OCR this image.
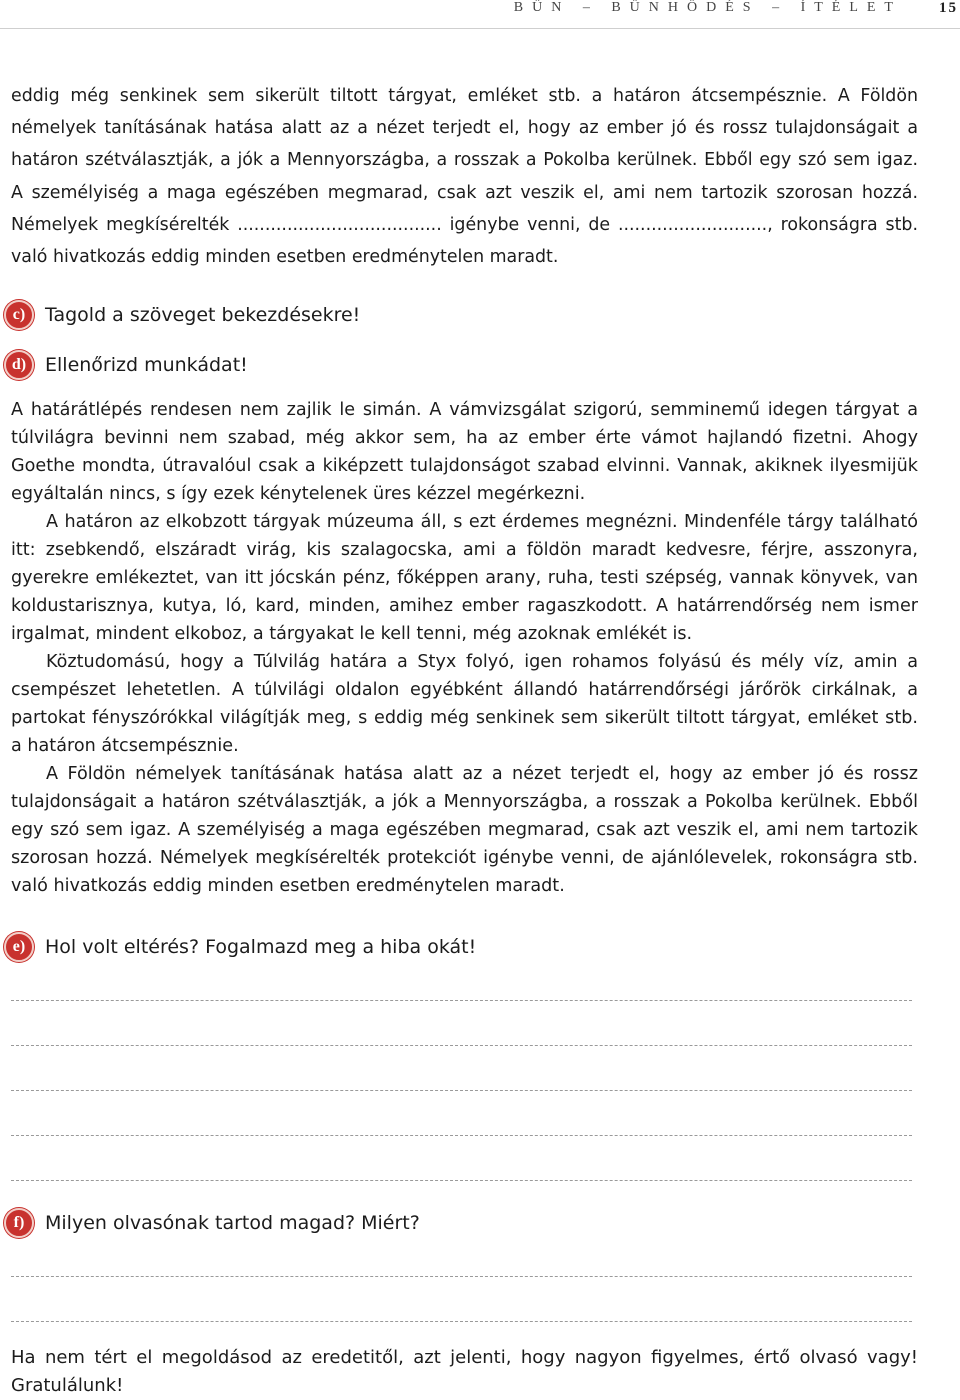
BŰN – BŰNHŐDÉS – ÍTÉLET 15

eddig még senkinek sem sikerült tiltott tárgyat, emléket stb. a határon átcsempésznie. A Földön némelyek tanításának hatása alatt az a nézet terjedt el, hogy az ember jó és rossz tulajdonságait a határon szétválasztják, a jók a Mennyországba, a rosszak a Pokolba kerülnek. Ebből egy szó sem igaz. A személyiség a maga egészében megmarad, csak azt veszik el, ami nem tartozik szorosan hozzá. Némelyek megkísérelték ..................................... igénybe venni, de ..........................., rokonságra stb. való hivatkozás eddig minden esetben eredménytelen maradt.

c)	Tagold a szöveget bekezdésekre!
d) Ellenőrizd munkádat!

A határátlépés rendesen nem zajlik le simán. A vámvizsgálat szigorú, semminemű idegen tárgyat a túlvilágra bevinni nem szabad, még akkor sem, ha az ember érte vámot hajlandó fizetni. Ahogy Goethe mondta, útravalóul csak a kiképzett tulajdonságot szabad elvinni. Vannak, akiknek ilyesmijük egyáltalán nincs, s így ezek kénytelenek üres kézzel megérkezni.

A határon az elkobzott tárgyak múzeuma áll, s ezt érdemes megnézni. Mindenféle tárgy található itt: zsebkendő, elszáradt virág, kis szalagocska, ami a földön maradt kedvesre, férjre, asszonyra, gyerekre emlékeztet, van itt jócskán pénz, főképpen arany, ruha, testi szépség, vannak könyvek, van koldustarisznya, kutya, ló, kard, minden, amihez ember ragaszkodott. A határrendőrség nem ismer irgalmat, mindent elkoboz, a tárgyakat le kell tenni, még azoknak emlékét is.

Köztudomású, hogy a Túlvilág határa a Styx folyó, igen rohamos folyású és mély víz, amin a csempészet lehetetlen. A túlvilági oldalon egyébként állandó határrendőrségi járőrök cirkálnak, a partokat fényszórókkal világítják meg, s eddig még senkinek sem sikerült tiltott tárgyat, emléket stb. a határon átcsempésznie.

A Földön némelyek tanításának hatása alatt az a nézet terjedt el, hogy az ember jó és rossz tulajdonságait a határon szétválasztják, a jók a Mennyországba, a rosszak a Pokolba kerülnek. Ebből egy szó sem igaz. A személyiség a maga egészében megmarad, csak azt veszik el, ami nem tartozik szorosan hozzá. Némelyek megkísérelték protekciót igénybe venni, de ajánlólevelek, rokonságra stb. való hivatkozás eddig minden esetben eredménytelen maradt.

e)	Hol volt eltérés? Fogalmazd meg a hiba okát!
f)	Milyen olvasónak tartod magad? Miért?

Ha nem tért el megoldásod az eredetitől, azt jelenti, hogy nagyon figyelmes, értő olvasó vagy! Gratulálunk!
